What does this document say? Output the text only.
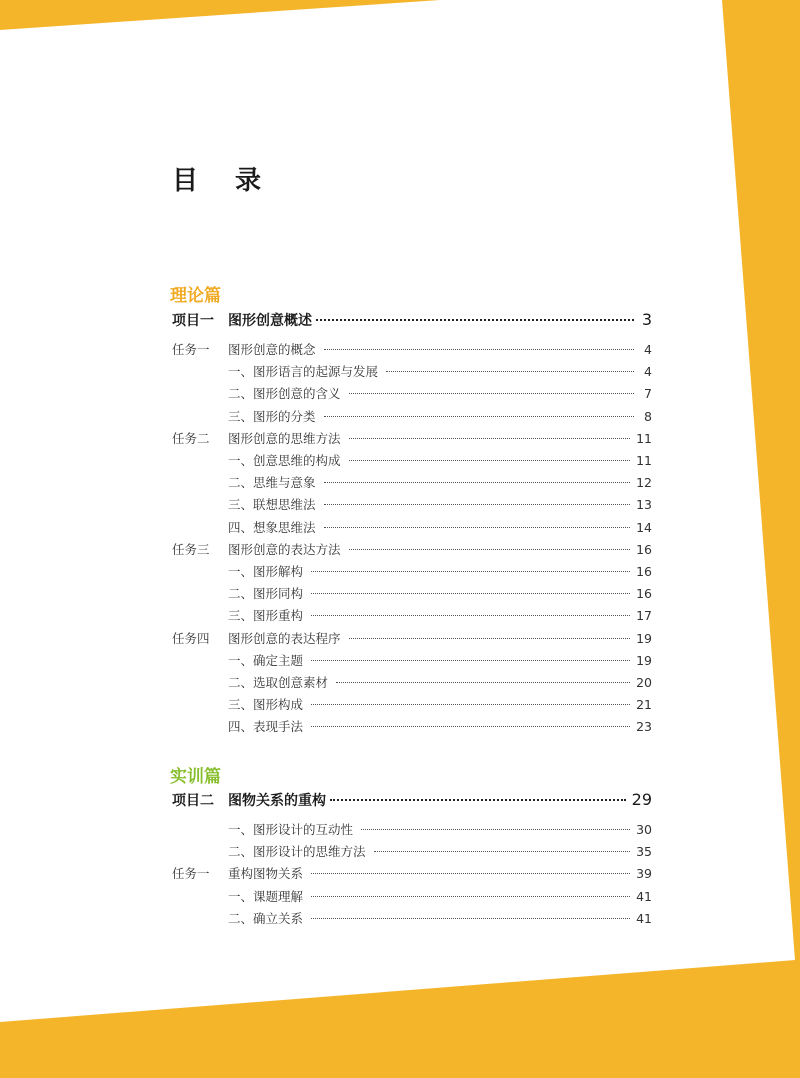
目 录
理论篇
项目一	图形创意概述	3
任务一	图形创意的概念	4
一、图形语言的起源与发展	4
二、图形创意的含义	7
三、图形的分类	8
任务二	图形创意的思维方法	11
一、创意思维的构成	11
二、思维与意象	12
三、联想思维法	13
四、想象思维法	14
任务三	图形创意的表达方法	16
一、图形解构	16
二、图形同构	16
三、图形重构	17
任务四	图形创意的表达程序	19
一、确定主题	19
二、选取创意素材	20
三、图形构成	21
四、表现手法	23
实训篇
项目二	图物关系的重构	29
一、图形设计的互动性	30
二、图形设计的思维方法	35
任务一	重构图物关系	39
一、课题理解	41
二、确立关系	41
